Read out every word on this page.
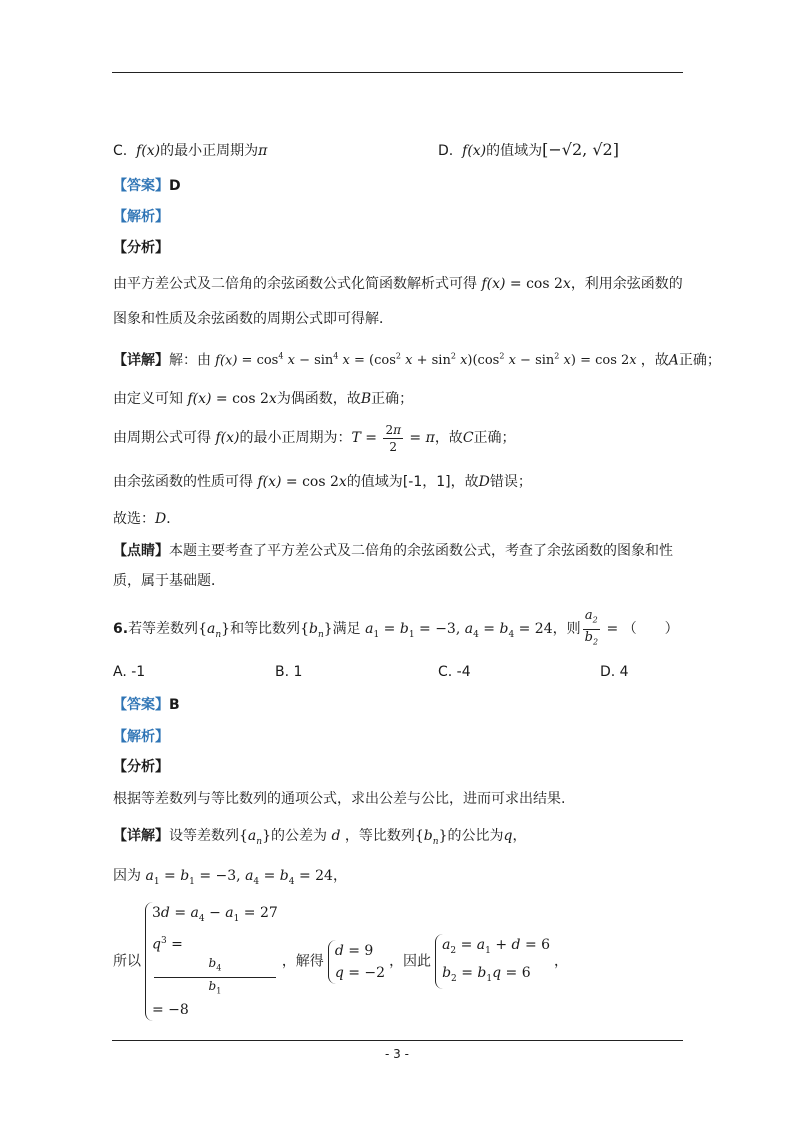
C.  f(x)的最小正周期为π	D.  f(x)的值域为[−√2, √2]
【答案】D
【解析】
【分析】
由平方差公式及二倍角的余弦函数公式化简函数解析式可得 f(x) = cos 2x，利用余弦函数的
图象和性质及余弦函数的周期公式即可得解．
【详解】解：由 $f(x) = \cos^4 x - \sin^4 x = (\cos^2$ $x + \sin^2 x)(\cos^2$ $x - \sin^2 x) = \cos 2x$ ，故A正确；
由定义可知 f(x) = cos 2x为偶函数，故B正确；
由周期公式可得 f(x)的最小正周期为：$T = \frac{2\pi}{2} = \pi$，故C正确；
由余弦函数的性质可得 f(x) = cos 2x的值域为[-1，1]，故D错误；
故选：D．
【点睛】本题主要考查了平方差公式及二倍角的余弦函数公式，考查了余弦函数的图象和性
质，属于基础题．
6.若等差数列$\{a_n\}$和等比数列$\{b_n\}$满足 $a_1 = b_1 = -3$, $a_4 = b_4 = 24$，则 $\frac{a_2}{b_2}$ = （　　）
A. -1	B. 1	C. -4	D. 4
【答案】B
【解析】
【分析】
根据等差数列与等比数列的通项公式，求出公差与公比，进而可求出结果.
【详解】设等差数列$\{a_n\}$的公差为 d ，等比数列$\{b_n\}$的公比为q，
因为 $a_1 = b_1 = -3$, $a_4 = b_4 = 24$，
所以
$3d = a_4 - a_1 = 27$
$q^3$ =
$b_4$
$b_1$
= −8
，解得
d = 9
q = −2
，因此
$a_2 = a_1 + d = 6$
$b_2 = b_1q = 6$
，
- 3 -
